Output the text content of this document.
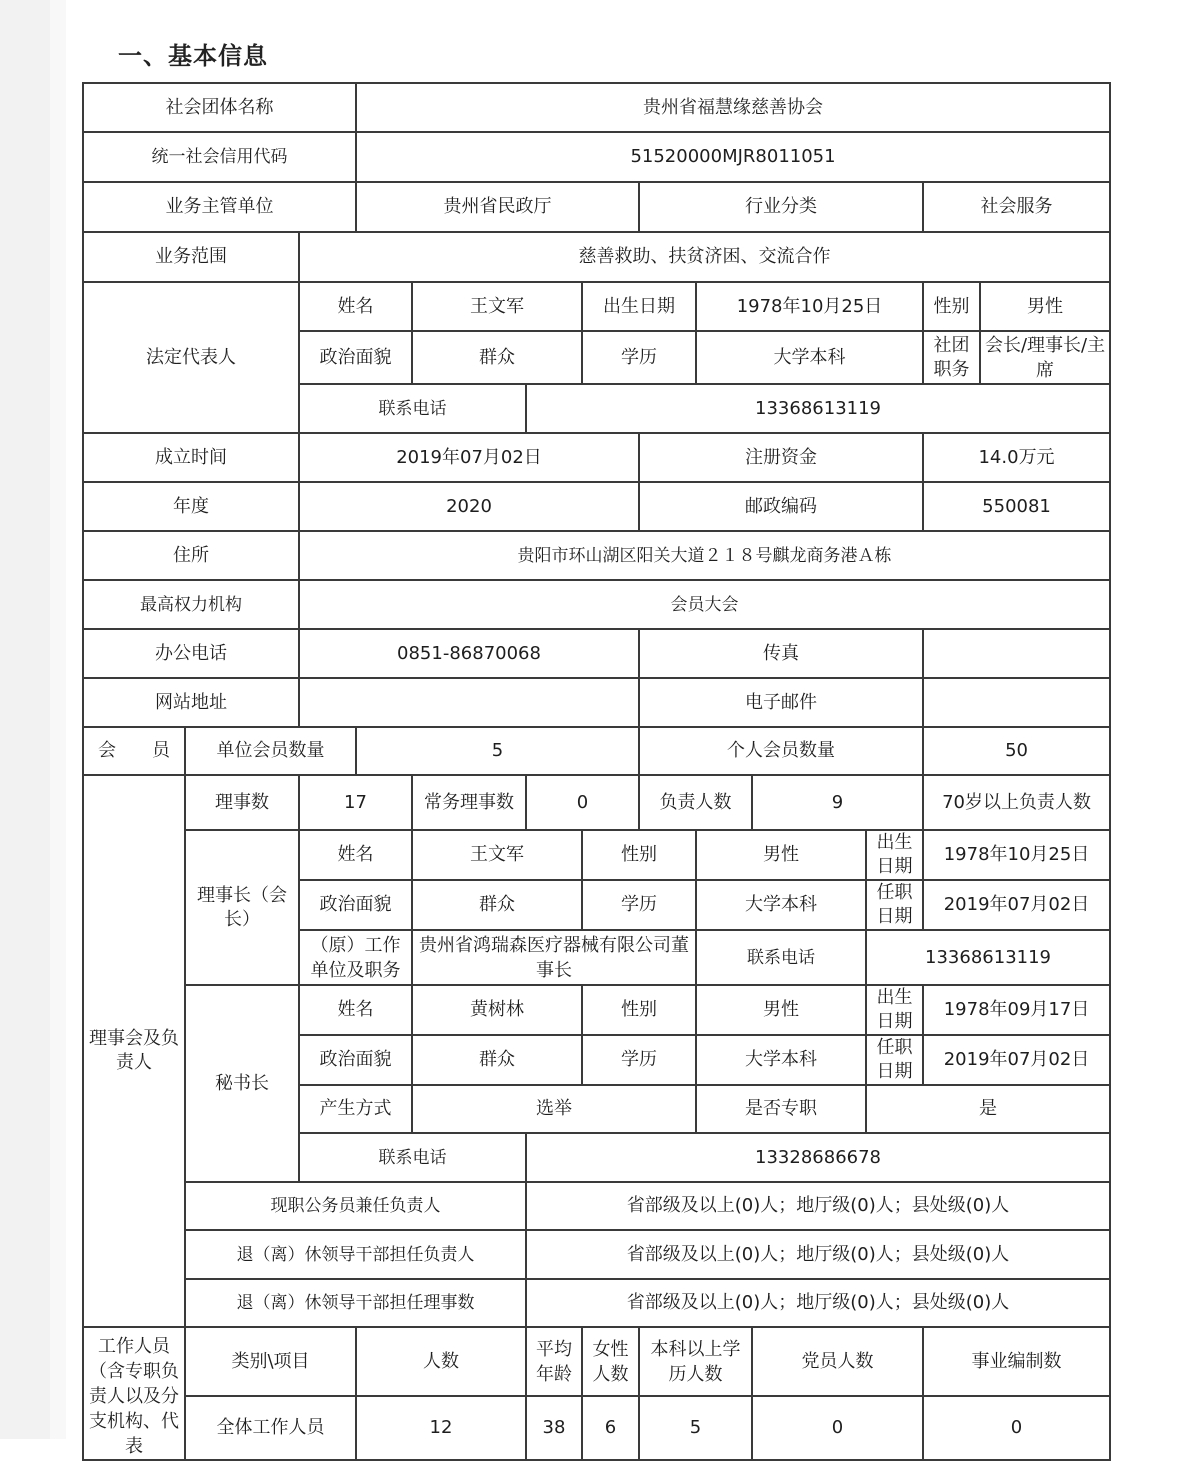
一、基本信息
社会团体名称			贵州省福慧缘慈善协会										
统一社会信用代码			51520000MJR8011051										
业务主管单位			贵州省民政厅				行业分类				社会服务		
业务范围		慈善救助、扶贫济困、交流合作											
法定代表人		姓名		王文军		出生日期		1978年10月25日			性别	男性	
		政治面貌		群众		学历		大学本科			社团职务	会长/理事长/主席	
		联系电话			13368613119								
成立时间		2019年07月02日					注册资金				14.0万元		
年度		2020					邮政编码				550081		
住所		贵阳市环山湖区阳关大道２１８号麒龙商务港Ａ栋											
最高权力机构		会员大会											
办公电话		0851-86870068					传真						
网站地址							电子邮件						
会　　员	单位会员数量		5				个人会员数量				50		
理事会及负责人	理事数	17		常务理事数	0		负责人数		9		70岁以上负责人数	
	理事长（会长）	姓名		王文军		性别		男性		出生日期	1978年10月25日		
		政治面貌		群众		学历		大学本科		任职日期	2019年07月02日		
		（原）工作单位及职务		贵州省鸿瑞森医疗器械有限公司董事长				联系电话		13368613119			
	秘书长	姓名		黄树林		性别		男性		出生日期	1978年09月17日		
		政治面貌		群众		学历		大学本科		任职日期	2019年07月02日		
		产生方式		选举				是否专职		是			
		联系电话			13328686678								
	现职公务员兼任负责人				省部级及以上(0)人；地厅级(0)人；县处级(0)人								
	退（离）休领导干部担任负责人				省部级及以上(0)人；地厅级(0)人；县处级(0)人								
	退（离）休领导干部担任理事数				省部级及以上(0)人；地厅级(0)人；县处级(0)人								
工作人员（含专职负责人以及分支机构、代表	类别\项目		人数		平均年龄	女性人数	本科以上学历人数		党员人数		事业编制数		
	全体工作人员		12		38	6	5		0		0		
